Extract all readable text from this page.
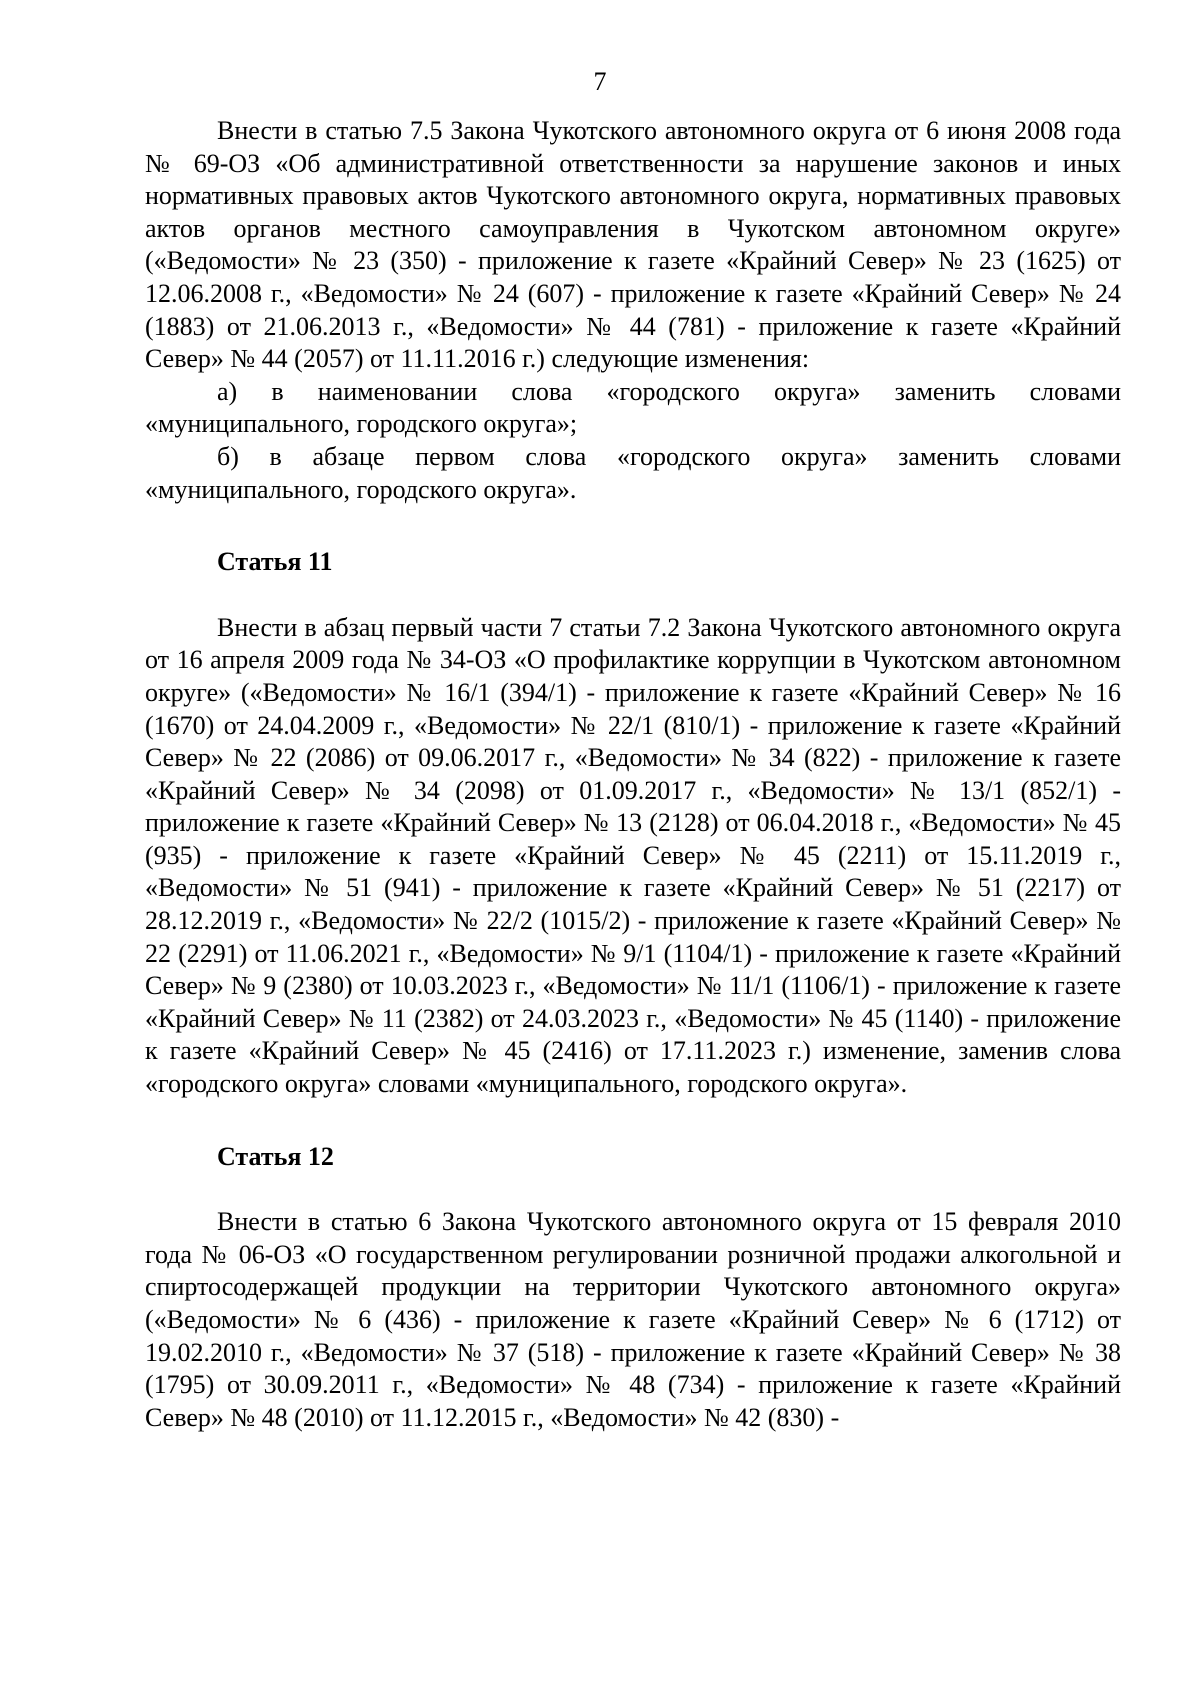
7

Внести в статью 7.5 Закона Чукотского автономного округа от 6 июня 2008 года № 69-ОЗ «Об административной ответственности за нарушение законов и иных нормативных правовых актов Чукотского автономного округа, нормативных правовых актов органов местного самоуправления в Чукотском автономном округе» («Ведомости» № 23 (350) - приложение к газете «Крайний Север» № 23 (1625) от 12.06.2008 г., «Ведомости» № 24 (607) - приложение к газете «Крайний Север» № 24 (1883) от 21.06.2013 г., «Ведомости» № 44 (781) - приложение к газете «Крайний Север» № 44 (2057) от 11.11.2016 г.) следующие изменения:

а) в наименовании слова «городского округа» заменить словами «муниципального, городского округа»;

б) в абзаце первом слова «городского округа» заменить словами «муниципального, городского округа».

Статья 11

Внести в абзац первый части 7 статьи 7.2 Закона Чукотского автономного округа от 16 апреля 2009 года № 34-ОЗ «О профилактике коррупции в Чукотском автономном округе» («Ведомости» № 16/1 (394/1) - приложение к газете «Крайний Север» № 16 (1670) от 24.04.2009 г., «Ведомости» № 22/1 (810/1) - приложение к газете «Крайний Север» № 22 (2086) от 09.06.2017 г., «Ведомости» № 34 (822) - приложение к газете «Крайний Север» № 34 (2098) от 01.09.2017 г., «Ведомости» № 13/1 (852/1) - приложение к газете «Крайний Север» № 13 (2128) от 06.04.2018 г., «Ведомости» № 45 (935) - приложение к газете «Крайний Север» № 45 (2211) от 15.11.2019 г., «Ведомости» № 51 (941) - приложение к газете «Крайний Север» № 51 (2217) от 28.12.2019 г., «Ведомости» № 22/2 (1015/2) - приложение к газете «Крайний Север» № 22 (2291) от 11.06.2021 г., «Ведомости» № 9/1 (1104/1) - приложение к газете «Крайний Север» № 9 (2380) от 10.03.2023 г., «Ведомости» № 11/1 (1106/1) - приложение к газете «Крайний Север» № 11 (2382) от 24.03.2023 г., «Ведомости» № 45 (1140) - приложение к газете «Крайний Север» № 45 (2416) от 17.11.2023 г.) изменение, заменив слова «городского округа» словами «муниципального, городского округа».

Статья 12

Внести в статью 6 Закона Чукотского автономного округа от 15 февраля 2010 года № 06-ОЗ «О государственном регулировании розничной продажи алкогольной и спиртосодержащей продукции на территории Чукотского автономного округа» («Ведомости» № 6 (436) - приложение к газете «Крайний Север» № 6 (1712) от 19.02.2010 г., «Ведомости» № 37 (518) - приложение к газете «Крайний Север» № 38 (1795) от 30.09.2011 г., «Ведомости» № 48 (734) - приложение к газете «Крайний Север» № 48 (2010) от 11.12.2015 г., «Ведомости» № 42 (830) -
